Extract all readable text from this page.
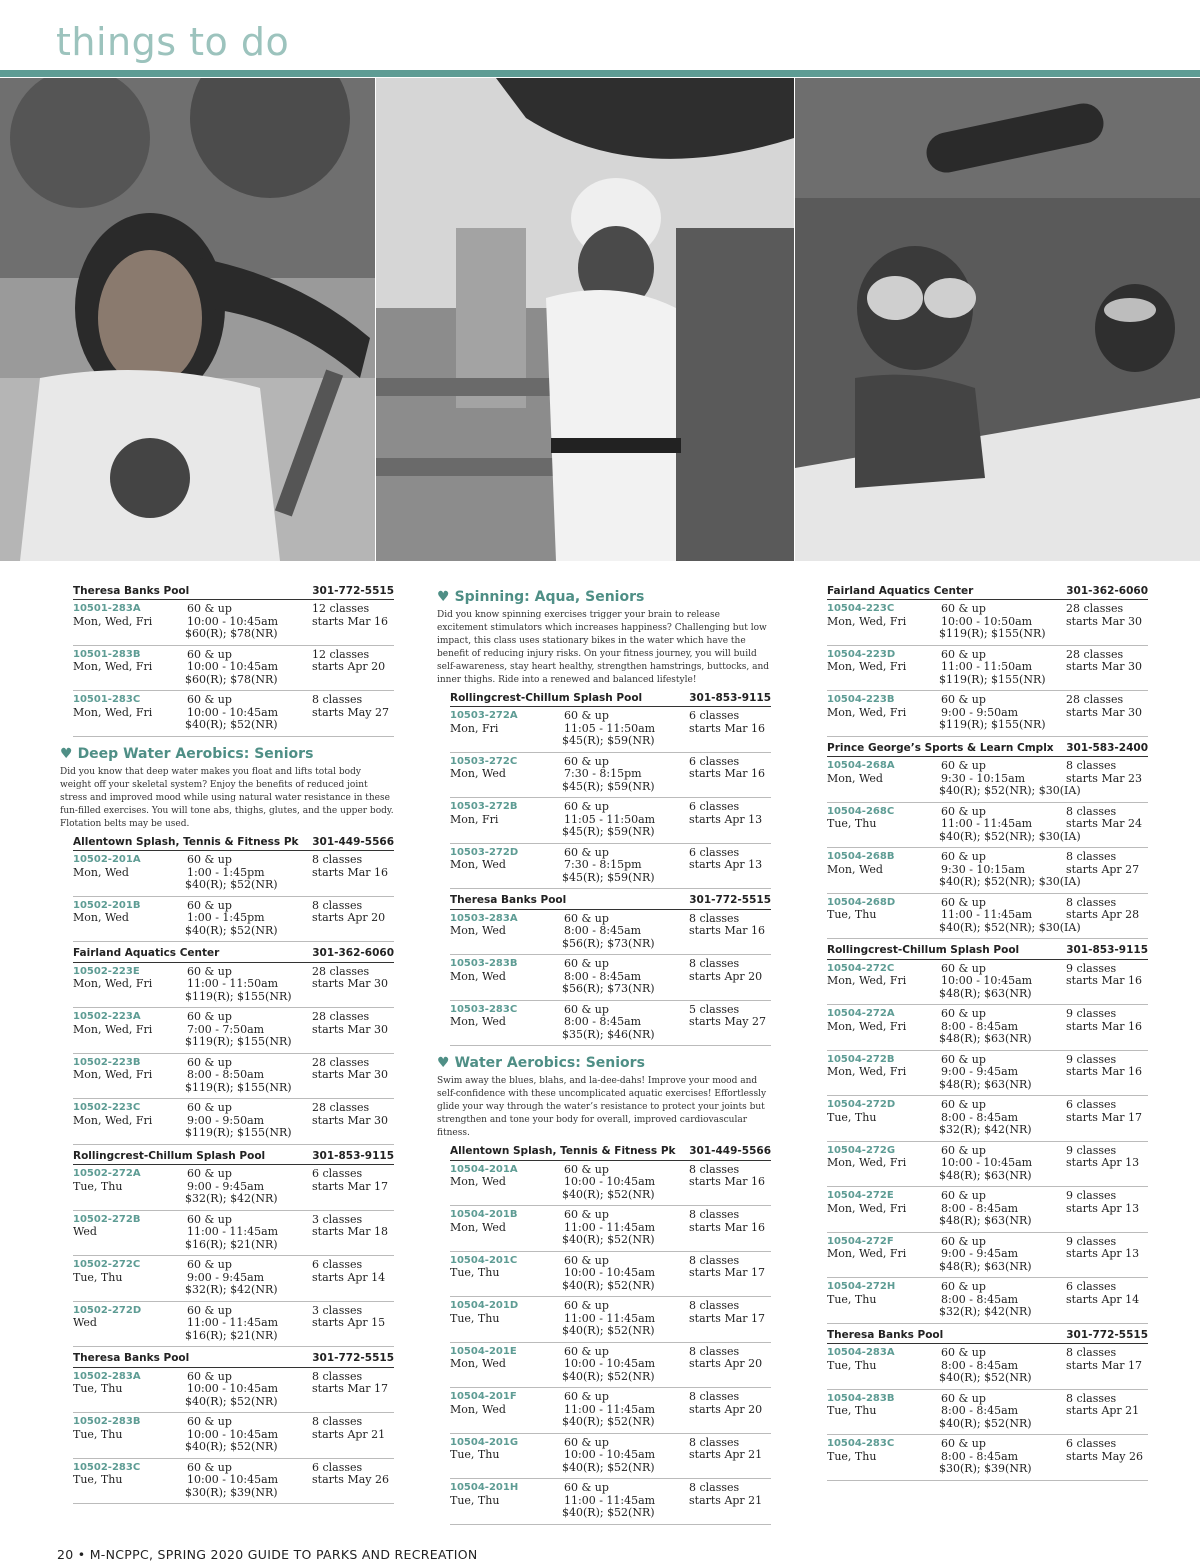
things to do
Theresa Banks Pool	301-772-5515
10501-283A	60 & up	12 classes
Mon, Wed, Fri	10:00 - 10:45am	starts Mar 16
$60(R); $78(NR)
10501-283B	60 & up	12 classes
Mon, Wed, Fri	10:00 - 10:45am	starts Apr 20
$60(R); $78(NR)
10501-283C	60 & up	8 classes
Mon, Wed, Fri	10:00 - 10:45am	starts May 27
$40(R); $52(NR)
♥ Deep Water Aerobics: Seniors
Did you know that deep water makes you float and lifts total body weight off your skeletal system? Enjoy the benefits of reduced joint stress and improved mood while using natural water resistance in these fun-filled exercises. You will tone abs, thighs, glutes, and the upper body. Flotation belts may be used.
Allentown Splash, Tennis & Fitness Pk 301-449-5566
10502-201A	60 & up	8 classes
Mon, Wed	1:00 - 1:45pm	starts Mar 16
$40(R); $52(NR)
10502-201B	60 & up	8 classes
Mon, Wed	1:00 - 1:45pm	starts Apr 20
$40(R); $52(NR)
Fairland Aquatics Center	301-362-6060
10502-223E	60 & up	28 classes
Mon, Wed, Fri	11:00 - 11:50am	starts Mar 30
$119(R); $155(NR)
10502-223A	60 & up	28 classes
Mon, Wed, Fri	7:00 - 7:50am	starts Mar 30
$119(R); $155(NR)
10502-223B	60 & up	28 classes
Mon, Wed, Fri	8:00 - 8:50am	starts Mar 30
$119(R); $155(NR)
10502-223C	60 & up	28 classes
Mon, Wed, Fri	9:00 - 9:50am	starts Mar 30
$119(R); $155(NR)
Rollingcrest-Chillum Splash Pool	301-853-9115
10502-272A	60 & up	6 classes
Tue, Thu	9:00 - 9:45am	starts Mar 17
$32(R); $42(NR)
10502-272B	60 & up	3 classes
Wed	11:00 - 11:45am	starts Mar 18
$16(R); $21(NR)
10502-272C	60 & up	6 classes
Tue, Thu	9:00 - 9:45am	starts Apr 14
$32(R); $42(NR)
10502-272D	60 & up	3 classes
Wed	11:00 - 11:45am	starts Apr 15
$16(R); $21(NR)
Theresa Banks Pool	301-772-5515
10502-283A	60 & up	8 classes
Tue, Thu	10:00 - 10:45am	starts Mar 17
$40(R); $52(NR)
10502-283B	60 & up	8 classes
Tue, Thu	10:00 - 10:45am	starts Apr 21
$40(R); $52(NR)
10502-283C	60 & up	6 classes
Tue, Thu	10:00 - 10:45am	starts May 26
$30(R); $39(NR)
♥ Spinning: Aqua, Seniors
Did you know spinning exercises trigger your brain to release excitement stimulators which increases happiness? Challenging but low impact, this class uses stationary bikes in the water which have the benefit of reducing injury risks. On your fitness journey, you will build self-awareness, stay heart healthy, strengthen hamstrings, buttocks, and inner thighs. Ride into a renewed and balanced lifestyle!
Rollingcrest-Chillum Splash Pool	301-853-9115
10503-272A	60 & up	6 classes
Mon, Fri	11:05 - 11:50am	starts Mar 16
$45(R); $59(NR)
10503-272C	60 & up	6 classes
Mon, Wed	7:30 - 8:15pm	starts Mar 16
$45(R); $59(NR)
10503-272B	60 & up	6 classes
Mon, Fri	11:05 - 11:50am	starts Apr 13
$45(R); $59(NR)
10503-272D	60 & up	6 classes
Mon, Wed	7:30 - 8:15pm	starts Apr 13
$45(R); $59(NR)
Theresa Banks Pool	301-772-5515
10503-283A	60 & up	8 classes
Mon, Wed	8:00 - 8:45am	starts Mar 16
$56(R); $73(NR)
10503-283B	60 & up	8 classes
Mon, Wed	8:00 - 8:45am	starts Apr 20
$56(R); $73(NR)
10503-283C	60 & up	5 classes
Mon, Wed	8:00 - 8:45am	starts May 27
$35(R); $46(NR)
♥ Water Aerobics: Seniors
Swim away the blues, blahs, and la-dee-dahs! Improve your mood and self-confidence with these uncomplicated aquatic exercises! Effortlessly glide your way through the water’s resistance to protect your joints but strengthen and tone your body for overall, improved cardiovascular fitness.
Allentown Splash, Tennis & Fitness Pk 301-449-5566
10504-201A	60 & up	8 classes
Mon, Wed	10:00 - 10:45am	starts Mar 16
$40(R); $52(NR)
10504-201B	60 & up	8 classes
Mon, Wed	11:00 - 11:45am	starts Mar 16
$40(R); $52(NR)
10504-201C	60 & up	8 classes
Tue, Thu	10:00 - 10:45am	starts Mar 17
$40(R); $52(NR)
10504-201D	60 & up	8 classes
Tue, Thu	11:00 - 11:45am	starts Mar 17
$40(R); $52(NR)
10504-201E	60 & up	8 classes
Mon, Wed	10:00 - 10:45am	starts Apr 20
$40(R); $52(NR)
10504-201F	60 & up	8 classes
Mon, Wed	11:00 - 11:45am	starts Apr 20
$40(R); $52(NR)
10504-201G	60 & up	8 classes
Tue, Thu	10:00 - 10:45am	starts Apr 21
$40(R); $52(NR)
10504-201H	60 & up	8 classes
Tue, Thu	11:00 - 11:45am	starts Apr 21
$40(R); $52(NR)
Fairland Aquatics Center	301-362-6060
10504-223C	60 & up	28 classes
Mon, Wed, Fri	10:00 - 10:50am	starts Mar 30
$119(R); $155(NR)
10504-223D	60 & up	28 classes
Mon, Wed, Fri	11:00 - 11:50am	starts Mar 30
$119(R); $155(NR)
10504-223B	60 & up	28 classes
Mon, Wed, Fri	9:00 - 9:50am	starts Mar 30
$119(R); $155(NR)
Prince George’s Sports & Learn Cmplx 301-583-2400
10504-268A	60 & up	8 classes
Mon, Wed	9:30 - 10:15am	starts Mar 23
$40(R); $52(NR); $30(IA)
10504-268C	60 & up	8 classes
Tue, Thu	11:00 - 11:45am	starts Mar 24
$40(R); $52(NR); $30(IA)
10504-268B	60 & up	8 classes
Mon, Wed	9:30 - 10:15am	starts Apr 27
$40(R); $52(NR); $30(IA)
10504-268D	60 & up	8 classes
Tue, Thu	11:00 - 11:45am	starts Apr 28
$40(R); $52(NR); $30(IA)
Rollingcrest-Chillum Splash Pool	301-853-9115
10504-272C	60 & up	9 classes
Mon, Wed, Fri	10:00 - 10:45am	starts Mar 16
$48(R); $63(NR)
10504-272A	60 & up	9 classes
Mon, Wed, Fri	8:00 - 8:45am	starts Mar 16
$48(R); $63(NR)
10504-272B	60 & up	9 classes
Mon, Wed, Fri	9:00 - 9:45am	starts Mar 16
$48(R); $63(NR)
10504-272D	60 & up	6 classes
Tue, Thu	8:00 - 8:45am	starts Mar 17
$32(R); $42(NR)
10504-272G	60 & up	9 classes
Mon, Wed, Fri	10:00 - 10:45am	starts Apr 13
$48(R); $63(NR)
10504-272E	60 & up	9 classes
Mon, Wed, Fri	8:00 - 8:45am	starts Apr 13
$48(R); $63(NR)
10504-272F	60 & up	9 classes
Mon, Wed, Fri	9:00 - 9:45am	starts Apr 13
$48(R); $63(NR)
10504-272H	60 & up	6 classes
Tue, Thu	8:00 - 8:45am	starts Apr 14
$32(R); $42(NR)
Theresa Banks Pool	301-772-5515
10504-283A	60 & up	8 classes
Tue, Thu	8:00 - 8:45am	starts Mar 17
$40(R); $52(NR)
10504-283B	60 & up	8 classes
Tue, Thu	8:00 - 8:45am	starts Apr 21
$40(R); $52(NR)
10504-283C	60 & up	6 classes
Tue, Thu	8:00 - 8:45am	starts May 26
$30(R); $39(NR)
20 • M-NCPPC, SPRING 2020 GUIDE TO PARKS AND RECREATION
